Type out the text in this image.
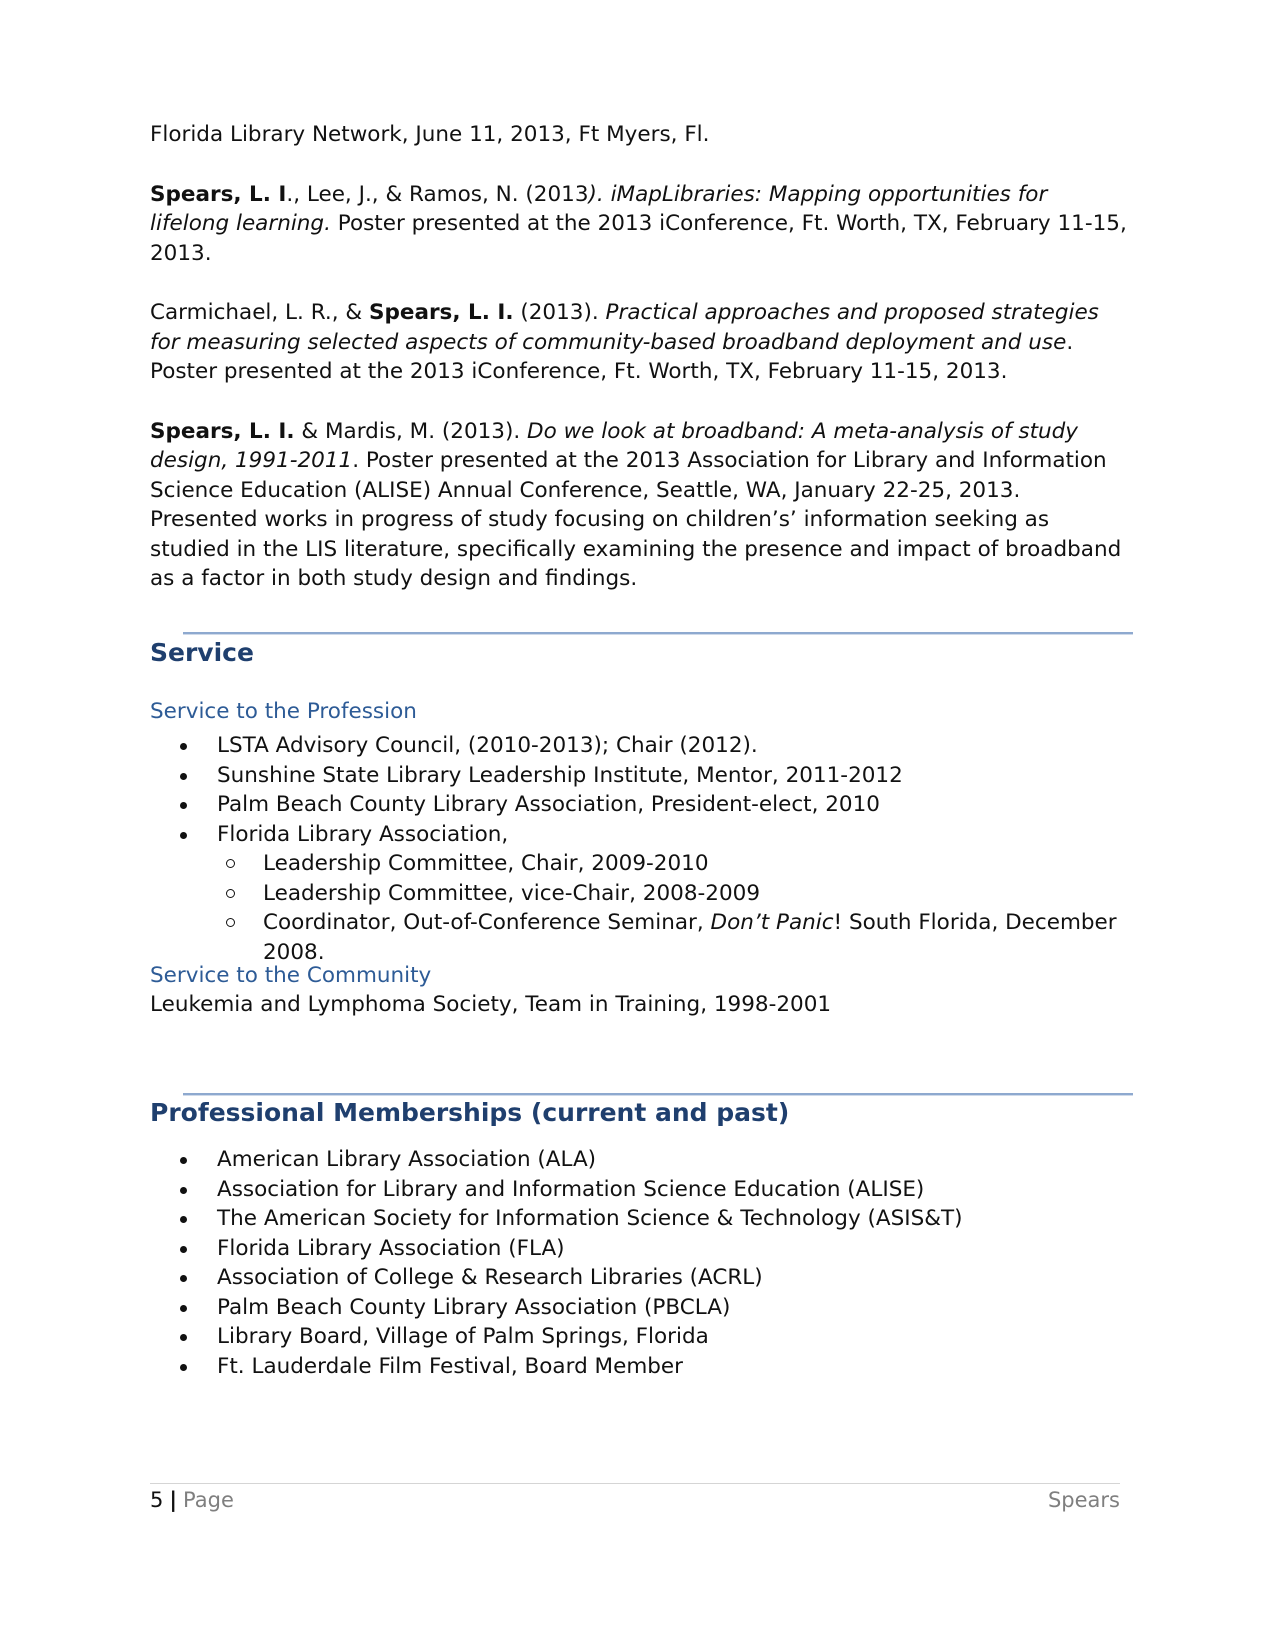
Florida Library Network, June 11, 2013, Ft Myers, Fl.

Spears, L. I., Lee, J., & Ramos, N. (2013). iMapLibraries: Mapping opportunities for lifelong learning. Poster presented at the 2013 iConference, Ft. Worth, TX, February 11-15, 2013.

Carmichael, L. R., & Spears, L. I. (2013). Practical approaches and proposed strategies for measuring selected aspects of community-based broadband deployment and use. Poster presented at the 2013 iConference, Ft. Worth, TX, February 11-15, 2013.

Spears, L. I. & Mardis, M. (2013). Do we look at broadband: A meta-analysis of study design, 1991-2011. Poster presented at the 2013 Association for Library and Information Science Education (ALISE) Annual Conference, Seattle, WA, January 22-25, 2013. Presented works in progress of study focusing on children’s’ information seeking as studied in the LIS literature, specifically examining the presence and impact of broadband as a factor in both study design and findings.

Service
Service to the Profession
LSTA Advisory Council, (2010-2013); Chair (2012).
Sunshine State Library Leadership Institute, Mentor, 2011-2012
Palm Beach County Library Association, President-elect, 2010
Florida Library Association,
Leadership Committee, Chair, 2009-2010
Leadership Committee, vice-Chair, 2008-2009
Coordinator, Out-of-Conference Seminar, Don’t Panic! South Florida, December 2008.
Service to the Community
Leukemia and Lymphoma Society, Team in Training, 1998-2001
Professional Memberships (current and past)
American Library Association (ALA)
Association for Library and Information Science Education (ALISE)
The American Society for Information Science & Technology (ASIS&T)
Florida Library Association (FLA)
Association of College & Research Libraries (ACRL)
Palm Beach County Library Association (PBCLA)
Library Board, Village of Palm Springs, Florida
Ft. Lauderdale Film Festival, Board Member
5 | Page	Spears
